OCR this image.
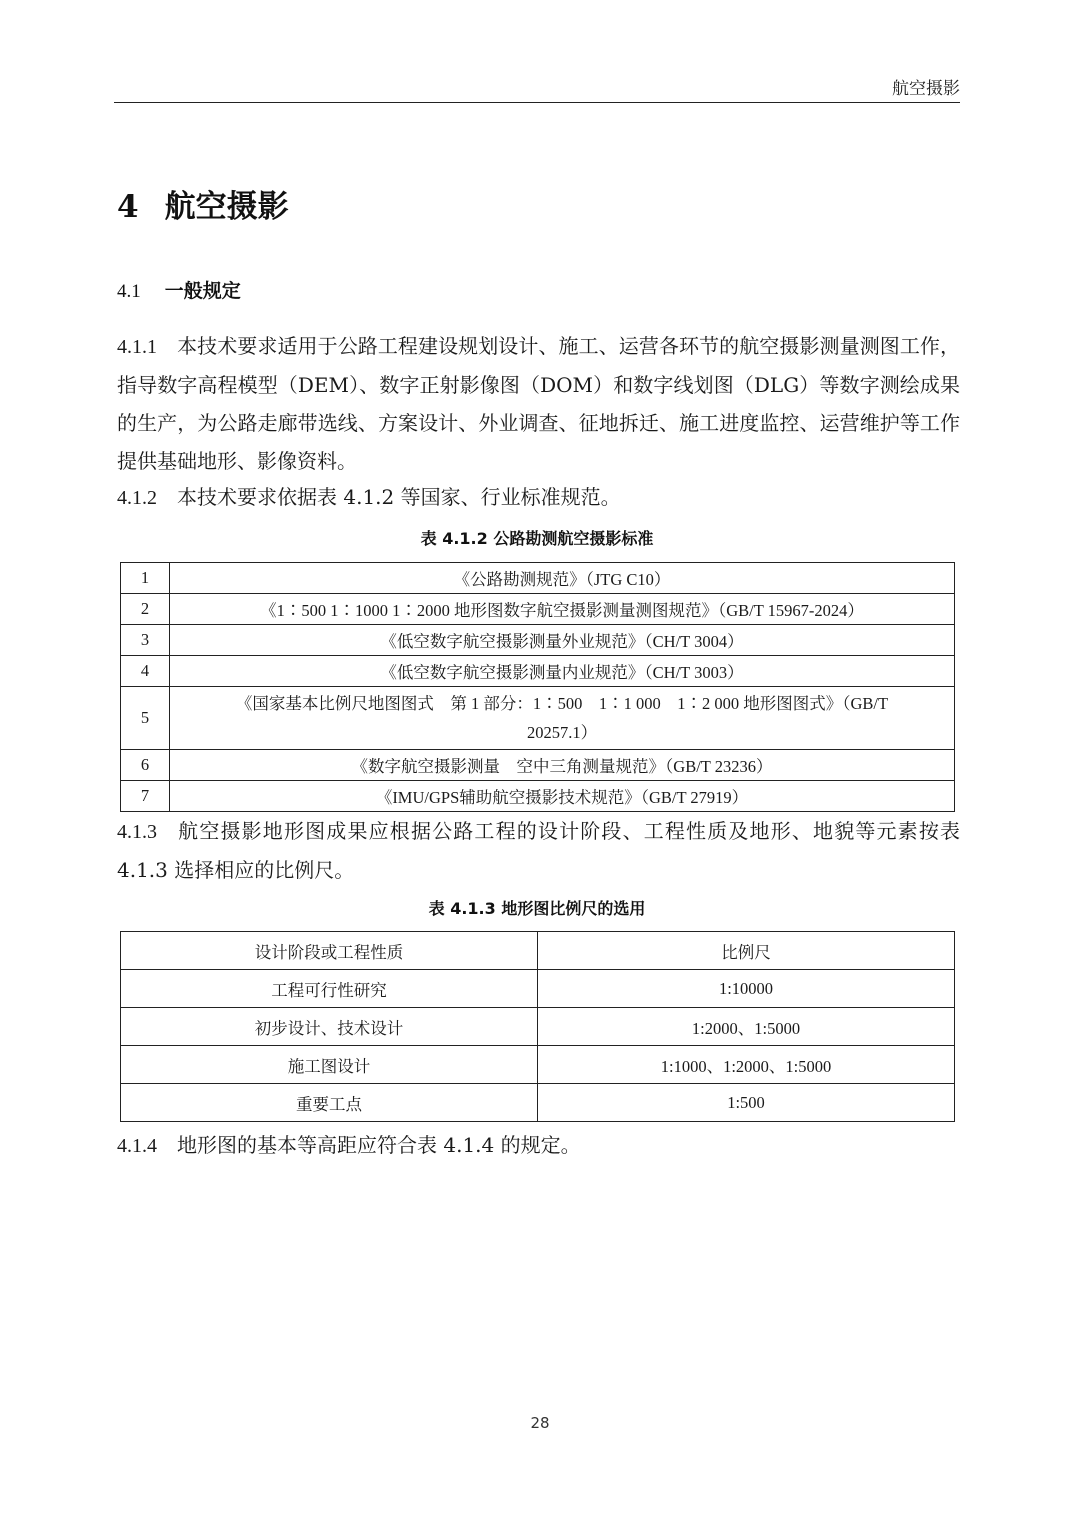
航空摄影
4 航空摄影
4.1 一般规定
4.1.1 本技术要求适用于公路工程建设规划设计、施工、运营各环节的航空摄影测量测图工作，指导数字高程模型（DEM）、数字正射影像图（DOM）和数字线划图（DLG）等数字测绘成果的生产，为公路走廊带选线、方案设计、外业调查、征地拆迁、施工进度监控、运营维护等工作提供基础地形、影像资料。
4.1.2 本技术要求依据表 4.1.2 等国家、行业标准规范。
表 4.1.2 公路勘测航空摄影标准
1	《公路勘测规范》（JTG C10）
2	《1∶500 1∶1000 1∶2000 地形图数字航空摄影测量测图规范》（GB/T 15967-2024）
3	《低空数字航空摄影测量外业规范》（CH/T 3004）
4	《低空数字航空摄影测量内业规范》（CH/T 3003）
5	《国家基本比例尺地图图式　第 1 部分：1∶500　1∶1 000　1∶2 000 地形图图式》（GB/T 20257.1）
6	《数字航空摄影测量　空中三角测量规范》（GB/T 23236）
7	《IMU/GPS辅助航空摄影技术规范》（GB/T 27919）
4.1.3 航空摄影地形图成果应根据公路工程的设计阶段、工程性质及地形、地貌等元素按表 4.1.3 选择相应的比例尺。
表 4.1.3 地形图比例尺的选用
设计阶段或工程性质	比例尺
工程可行性研究	1:10000
初步设计、技术设计	1:2000、1:5000
施工图设计	1:1000、1:2000、1:5000
重要工点	1:500
4.1.4 地形图的基本等高距应符合表 4.1.4 的规定。
28
